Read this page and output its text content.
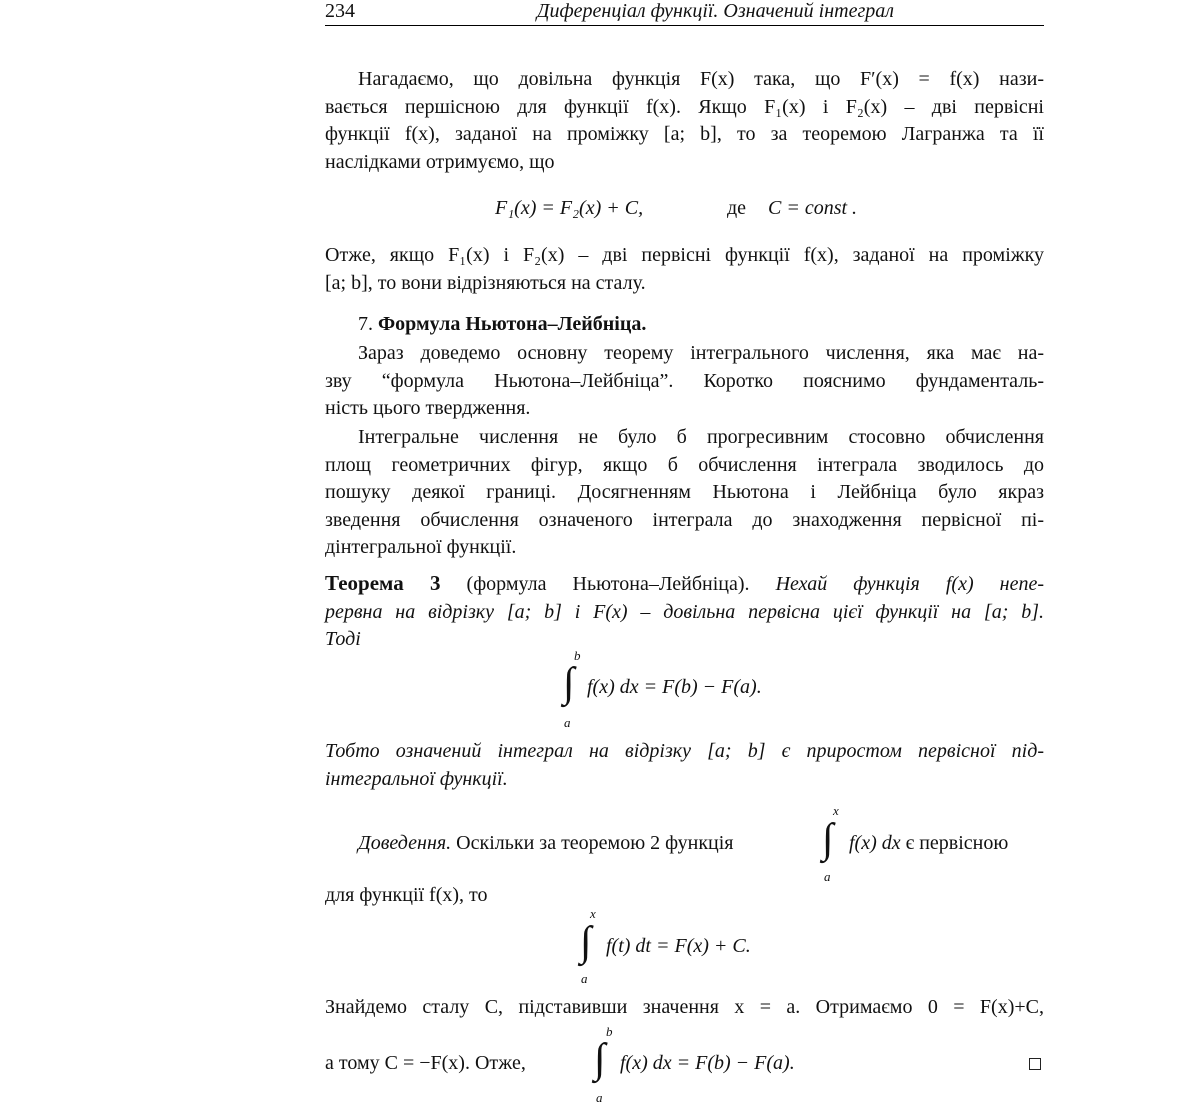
234	Диференціал функції. Означений інтеграл
Нагадаємо, що довільна функція F(x) така, що F′(x) = f(x) нази-
вається першісною для функції f(x). Якщо F₁(x) і F₂(x) – дві первісні
функції f(x), заданої на проміжку [a; b], то за теоремою Лагранжа та її
наслідками отримуємо, що
F₁(x) = F₂(x) + C,	де C = const .
Отже, якщо F₁(x) і F₂(x) – дві первісні функції f(x), заданої на проміжку
[a; b], то вони відрізняються на сталу.
7. Формула Ньютона–Лейбніца.
Зараз доведемо основну теорему інтегрального числення, яка має на-
зву “формула Ньютона–Лейбніца”. Коротко пояснимо фундаменталь-
ність цього твердження.
Інтегральне числення не було б прогресивним стосовно обчислення
площ геометричних фігур, якщо б обчислення інтеграла зводилось до
пошуку деякої границі. Досягненням Ньютона і Лейбніца було якраз
зведення обчислення означеного інтеграла до знаходження первісної пі-
дінтегральної функції.
Теорема 3 (формула Ньютона–Лейбніца). Нехай функція f(x) непе-
рервна на відрізку [a; b] і F(x) – довільна первісна цієї функції на [a; b].
Тоді
b
∫
a
f(x) dx = F(b) − F(a).
Тобто означений інтеграл на відрізку [a; b] є приростом первісної під-
інтегральної функції.
Доведення. Оскільки за теоремою 2 функція
x
∫
a
f(x) dx є первісною
для функції f(x), то
x
∫
a
f(t) dt = F(x) + C.
Знайдемо сталу C, підставивши значення x = a. Отримаємо 0 = F(x)+C,
а тому C = −F(x). Отже,
b
∫
a
f(x) dx = F(b) − F(a).
